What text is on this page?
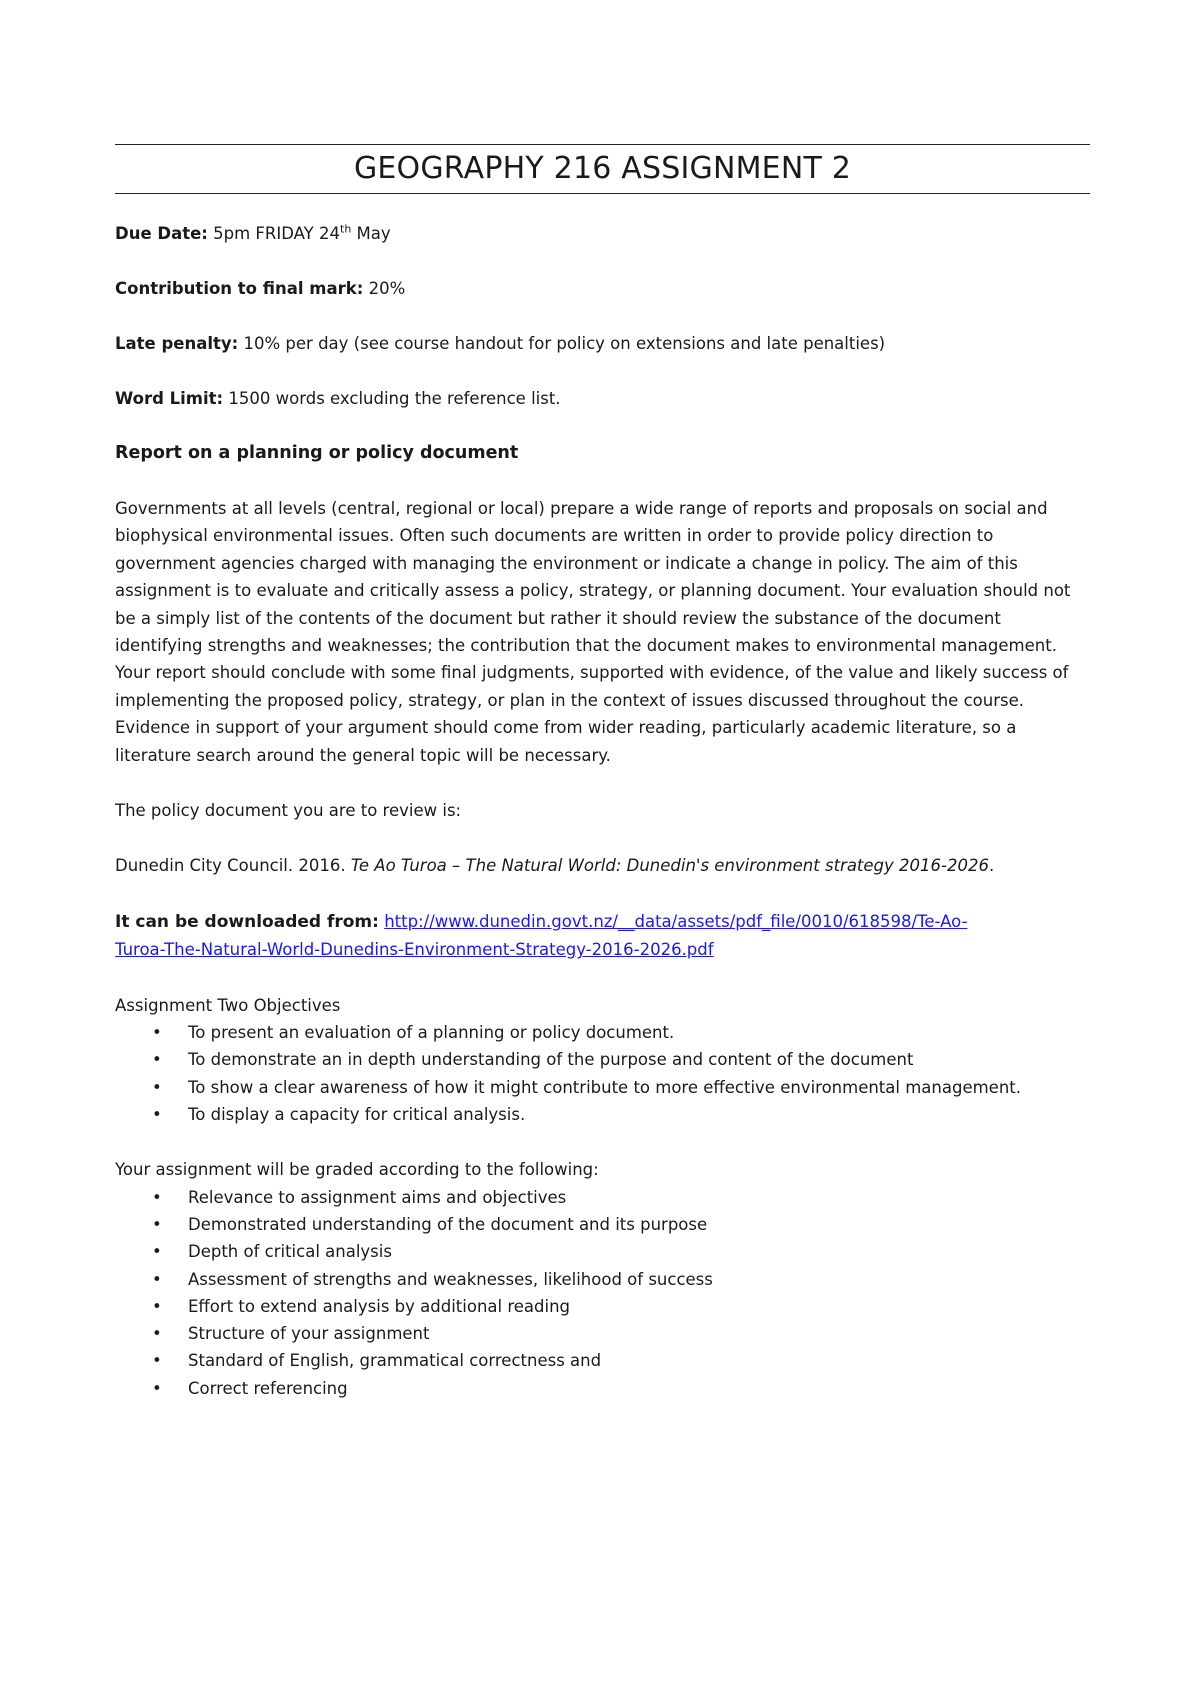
GEOGRAPHY 216 ASSIGNMENT 2

Due Date: 5pm FRIDAY 24th May

Contribution to final mark: 20%

Late penalty: 10% per day (see course handout for policy on extensions and late penalties)

Word Limit: 1500 words excluding the reference list.

Report on a planning or policy document

Governments at all levels (central, regional or local) prepare a wide range of reports and proposals on social and biophysical environmental issues. Often such documents are written in order to provide policy direction to government agencies charged with managing the environment or indicate a change in policy. The aim of this assignment is to evaluate and critically assess a policy, strategy, or planning document. Your evaluation should not be a simply list of the contents of the document but rather it should review the substance of the document identifying strengths and weaknesses; the contribution that the document makes to environmental management. Your report should conclude with some final judgments, supported with evidence, of the value and likely success of implementing the proposed policy, strategy, or plan in the context of issues discussed throughout the course. Evidence in support of your argument should come from wider reading, particularly academic literature, so a literature search around the general topic will be necessary.

The policy document you are to review is:

Dunedin City Council. 2016. Te Ao Turoa – The Natural World: Dunedin's environment strategy 2016-2026.

It can be downloaded from: http://www.dunedin.govt.nz/__data/assets/pdf_file/0010/618598/Te-Ao-
Turoa-The-Natural-World-Dunedins-Environment-Strategy-2016-2026.pdf

Assignment Two Objectives

• To present an evaluation of a planning or policy document.
• To demonstrate an in depth understanding of the purpose and content of the document
• To show a clear awareness of how it might contribute to more effective environmental management.
• To display a capacity for critical analysis.

Your assignment will be graded according to the following:

• Relevance to assignment aims and objectives
• Demonstrated understanding of the document and its purpose
• Depth of critical analysis
• Assessment of strengths and weaknesses, likelihood of success
• Effort to extend analysis by additional reading
• Structure of your assignment
• Standard of English, grammatical correctness and
• Correct referencing
